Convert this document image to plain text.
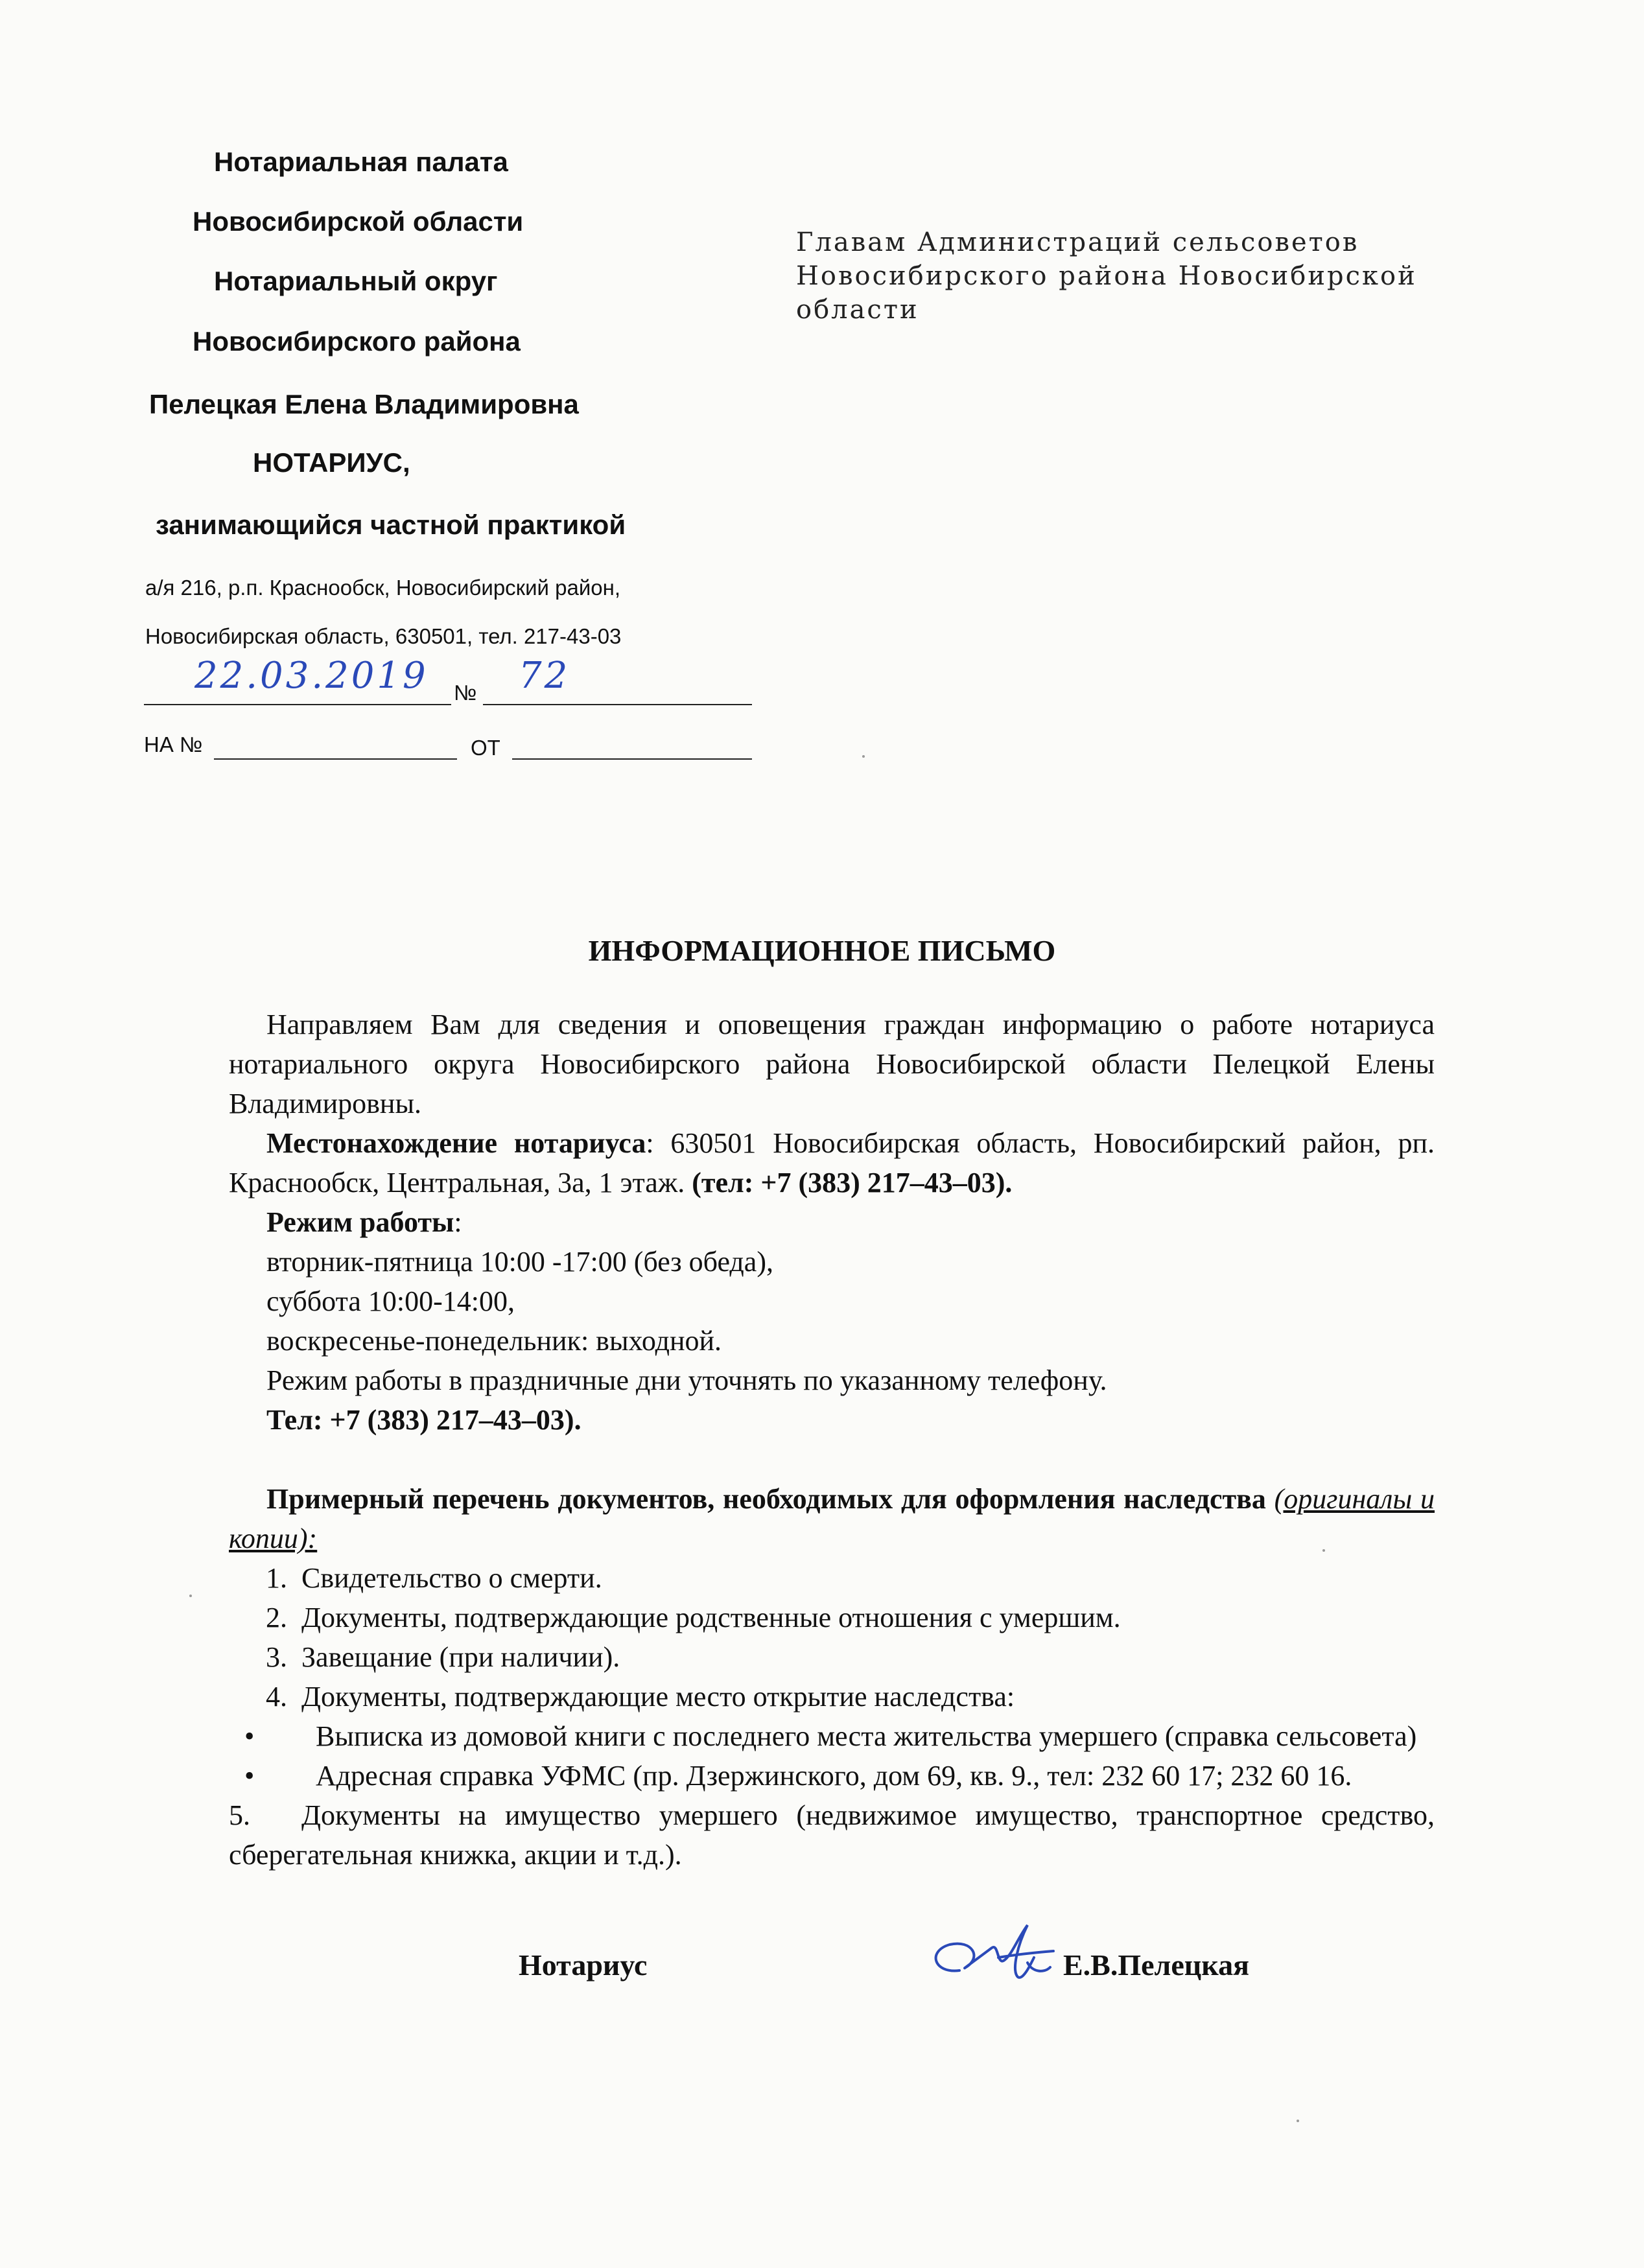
Нотариальная палата
Новосибирской области
Нотариальный округ
Новосибирского района
Пелецкая Елена Владимировна
НОТАРИУС,
занимающийся частной практикой
а/я 216, р.п. Краснообск, Новосибирский район,
Новосибирская область, 630501, тел. 217-43-03
22.03.2019 № 72
НА №	ОТ
Главам Администраций сельсоветов Новосибирского района Новосибирской области
ИНФОРМАЦИОННОЕ ПИСЬМО
Направляем Вам для сведения и оповещения граждан информацию о работе нотариуса нотариального округа Новосибирского района Новосибирской области Пелецкой Елены Владимировны.
Местонахождение нотариуса: 630501 Новосибирская область, Новосибирский район, рп. Краснообск, Центральная, 3а, 1 этаж. (тел: +7 (383) 217–43–03).
Режим работы:
вторник-пятница 10:00 -17:00 (без обеда),
суббота 10:00-14:00,
воскресенье-понедельник: выходной.
Режим работы в праздничные дни уточнять по указанному телефону.
Тел: +7 (383) 217–43–03).
Примерный перечень документов, необходимых для оформления наследства (оригиналы и копии):
1. Свидетельство о смерти.
2. Документы, подтверждающие родственные отношения с умершим.
3. Завещание (при наличии).
4. Документы, подтверждающие место открытие наследства:
• Выписка из домовой книги с последнего места жительства умершего (справка сельсовета)
• Адресная справка УФМС (пр. Дзержинского, дом 69, кв. 9., тел: 232 60 17; 232 60 16.
5. Документы на имущество умершего (недвижимое имущество, транспортное средство, сберегательная книжка, акции и т.д.).
Нотариус	Е.В.Пелецкая
